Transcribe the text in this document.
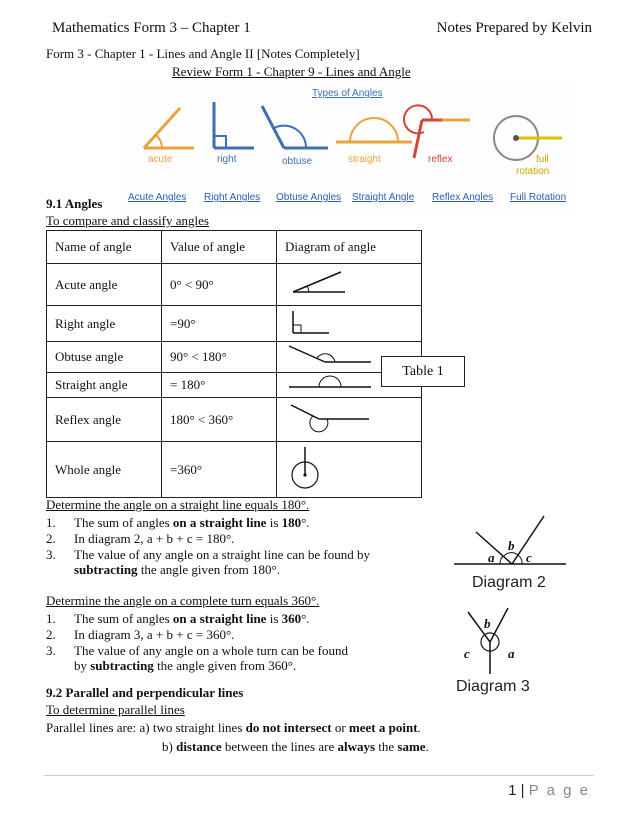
Mathematics Form 3 – Chapter 1	Notes Prepared by Kelvin
Form 3 - Chapter 1 - Lines and Angle II [Notes Completely]
Review Form 1 - Chapter 9 - Lines and Angle
Types of Angles
acute	right	obtuse	straight	reflex	full
rotation
Acute Angles Right Angles Obtuse Angles Straight Angle Reflex Angles Full Rotation
9.1 Angles
To compare and classify angles
Name of angle	Value of angle	Diagram of angle
Acute angle	0° < 90°	
Right angle	=90°	
Obtuse angle	90° < 180°	
Straight angle	= 180°	
Reflex angle	180° < 360°	
Whole angle	=360°	
Table 1
Determine the angle on a straight line equals 180°.
1. The sum of angles on a straight line is 180°.
2. In diagram 2, a + b + c = 180°.
3. The value of any angle on a straight line can be found by
subtracting the angle given from 180°.
a
b
c
Diagram 2
Determine the angle on a complete turn equals 360°.
1. The sum of angles on a straight line is 360°.
2. In diagram 3, a + b + c = 360°.
3. The value of any angle on a whole turn can be found
by subtracting the angle given from 360°.
b
a
c
Diagram 3
9.2 Parallel and perpendicular lines
To determine parallel lines
Parallel lines are: a) two straight lines do not intersect or meet a point.
b) distance between the lines are always the same.
1 | P a g e
